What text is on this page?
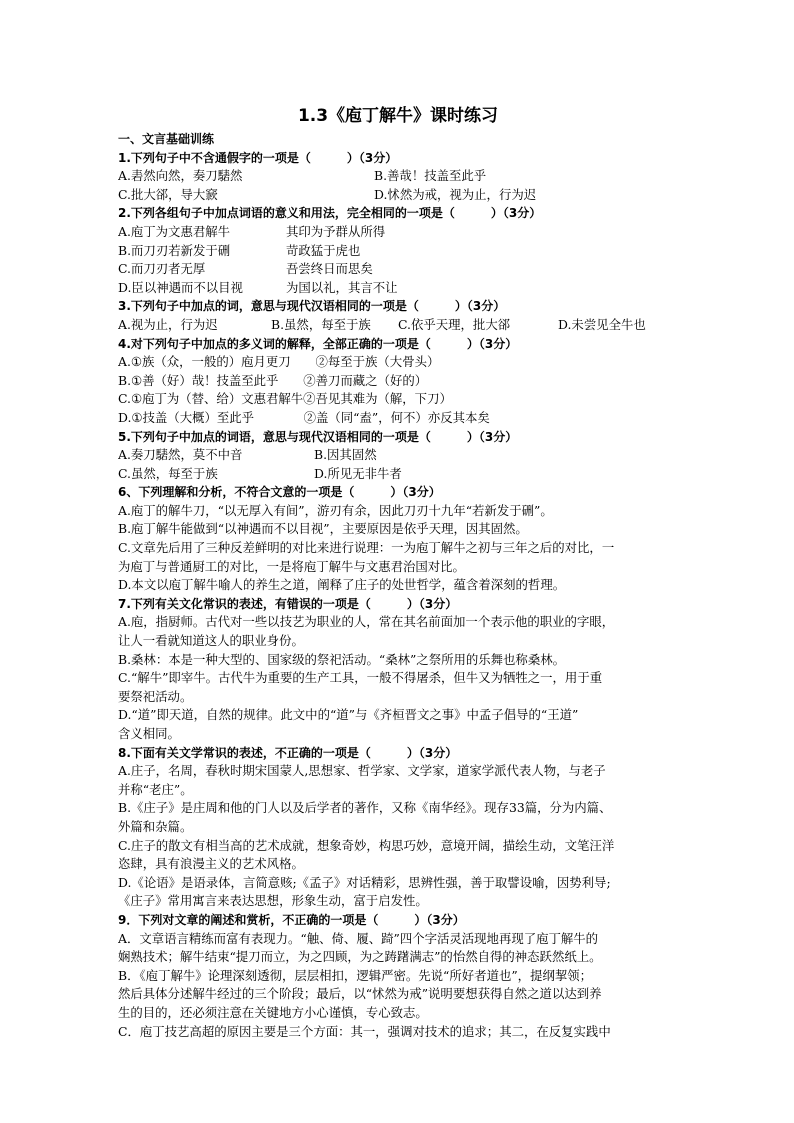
1.3《庖丁解牛》课时练习
一、文言基础训练
1.下列句子中不含通假字的一项是（　　　）（3分）
A.砉然向然，奏刀騞然	B.善哉！技盖至此乎
C.批大郤，导大窾	D.怵然为戒，视为止，行为迟
2.下列各组句子中加点词语的意义和用法，完全相同的一项是（　　　）（3分）
A.庖丁为文惠君解牛	其印为予群从所得
B.而刀刃若新发于硎	苛政猛于虎也
C.而刀刃者无厚	吾尝终日而思矣
D.臣以神遇而不以目视	为国以礼，其言不让
3.下列句子中加点的词，意思与现代汉语相同的一项是（　　　）（3分）
A.视为止，行为迟	B.虽然，每至于族	C.依乎天理，批大郤	D.未尝见全牛也
4.对下列句子中加点的多义词的解释，全部正确的一项是（　　　）（3分）
A.①族（众，一般的）庖月更刀　　②每至于族（大骨头）
B.①善（好）哉！技盖至此乎　　②善刀而藏之（好的）
C.①庖丁为（替、给）文惠君解牛②吾见其难为（解，下刀）
D.①技盖（大概）至此乎　　　　②盖（同“盍”，何不）亦反其本矣
5.下列句子中加点的词语，意思与现代汉语相同的一项是（　　　）（3分）
A.奏刀騞然，莫不中音	B.因其固然
C.虽然，每至于族	D.所见无非牛者
6、下列理解和分析，不符合文意的一项是（　　　）（3分）
A.庖丁的解牛刀，“以无厚入有间”，游刃有余，因此刀刃十九年“若新发于硎”。
B.庖丁解牛能做到“以神遇而不以目视”，主要原因是依乎天理，因其固然。
C.文章先后用了三种反差鲜明的对比来进行说理：一为庖丁解牛之初与三年之后的对比，一
为庖丁与普通厨工的对比，一是将庖丁解牛与文惠君治国对比。
D.本文以庖丁解牛喻人的养生之道，阐释了庄子的处世哲学，蕴含着深刻的哲理。
7.下列有关文化常识的表述，有错误的一项是（　　　）（3分）
A.庖，指厨师。古代对一些以技艺为职业的人，常在其名前面加一个表示他的职业的字眼，
让人一看就知道这人的职业身份。
B.桑林：本是一种大型的、国家级的祭祀活动。“桑林”之祭所用的乐舞也称桑林。
C.“解牛”即宰牛。古代牛为重要的生产工具，一般不得屠杀，但牛又为牺牲之一，用于重
要祭祀活动。
D.“道”即天道，自然的规律。此文中的“道”与《齐桓晋文之事》中孟子倡导的“王道”
含义相同。
8.下面有关文学常识的表述，不正确的一项是（　　　）（3分）
A.庄子，名周，春秋时期宋国蒙人,思想家、哲学家、文学家，道家学派代表人物，与老子
并称“老庄”。
B.《庄子》是庄周和他的门人以及后学者的著作，又称《南华经》。现存33篇，分为内篇、
外篇和杂篇。
C.庄子的散文有相当高的艺术成就，想象奇妙，构思巧妙，意境开阔，描绘生动，文笔汪洋
恣肆，具有浪漫主义的艺术风格。
D.《论语》是语录体，言简意赅;《孟子》对话精彩，思辨性强，善于取譬设喻，因势利导;
《庄子》常用寓言来表达思想，形象生动，富于启发性。
9．下列对文章的阐述和赏析，不正确的一项是（　　　）（3分）
A．文章语言精练而富有表现力。“触、倚、履、踦”四个字活灵活现地再现了庖丁解牛的
娴熟技术；解牛结束“提刀而立，为之四顾，为之踌躇满志”的怡然自得的神态跃然纸上。
B．《庖丁解牛》论理深刻透彻，层层相扣，逻辑严密。先说“所好者道也”，提纲挈领；
然后具体分述解牛经过的三个阶段；最后，以“怵然为戒”说明要想获得自然之道以达到养
生的目的，还必须注意在关键地方小心谨慎，专心致志。
C．庖丁技艺高超的原因主要是三个方面：其一，强调对技术的追求；其二，在反复实践中
